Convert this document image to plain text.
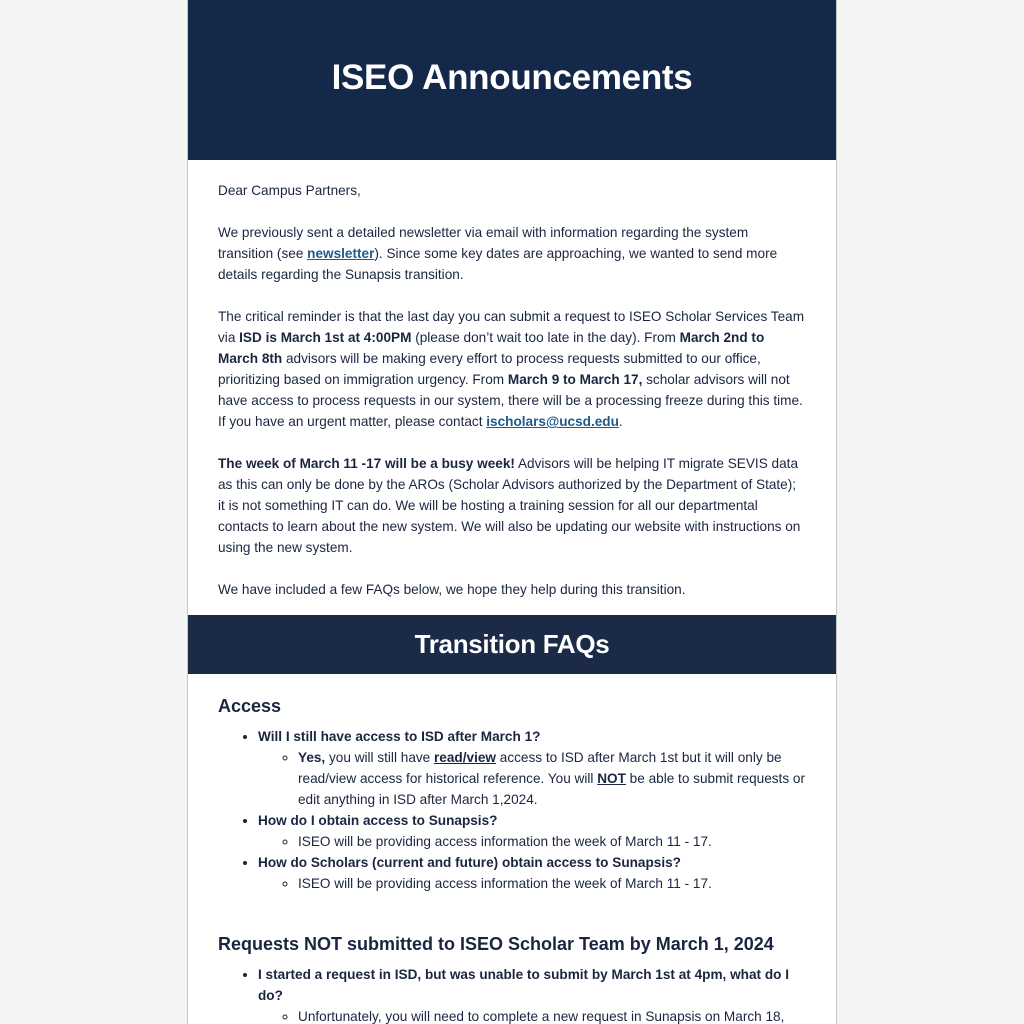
ISEO Announcements

Dear Campus Partners,

We previously sent a detailed newsletter via email with information regarding the system transition (see newsletter). Since some key dates are approaching, we wanted to send more details regarding the Sunapsis transition.

The critical reminder is that the last day you can submit a request to ISEO Scholar Services Team via ISD is March 1st at 4:00PM (please don’t wait too late in the day). From March 2nd to March 8th advisors will be making every effort to process requests submitted to our office, prioritizing based on immigration urgency. From March 9 to March 17, scholar advisors will not have access to process requests in our system, there will be a processing freeze during this time. If you have an urgent matter, please contact ischolars@ucsd.edu.

The week of March 11 -17 will be a busy week! Advisors will be helping IT migrate SEVIS data as this can only be done by the AROs (Scholar Advisors authorized by the Department of State); it is not something IT can do. We will be hosting a training session for all our departmental contacts to learn about the new system. We will also be updating our website with instructions on using the new system.

We have included a few FAQs below, we hope they help during this transition.

Transition FAQs
Access
• Will I still have access to ISD after March 1?
◦ Yes, you will still have read/view access to ISD after March 1st but it will only be read/view access for historical reference. You will NOT be able to submit requests or edit anything in ISD after March 1,2024.
• How do I obtain access to Sunapsis?
◦ ISEO will be providing access information the week of March 11 - 17.
• How do Scholars (current and future) obtain access to Sunapsis?
◦ ISEO will be providing access information the week of March 11 - 17.
Requests NOT submitted to ISEO Scholar Team by March 1, 2024
• I started a request in ISD, but was unable to submit by March 1st at 4pm, what do I do?
◦ Unfortunately, you will need to complete a new request in Sunapsis on March 18,
